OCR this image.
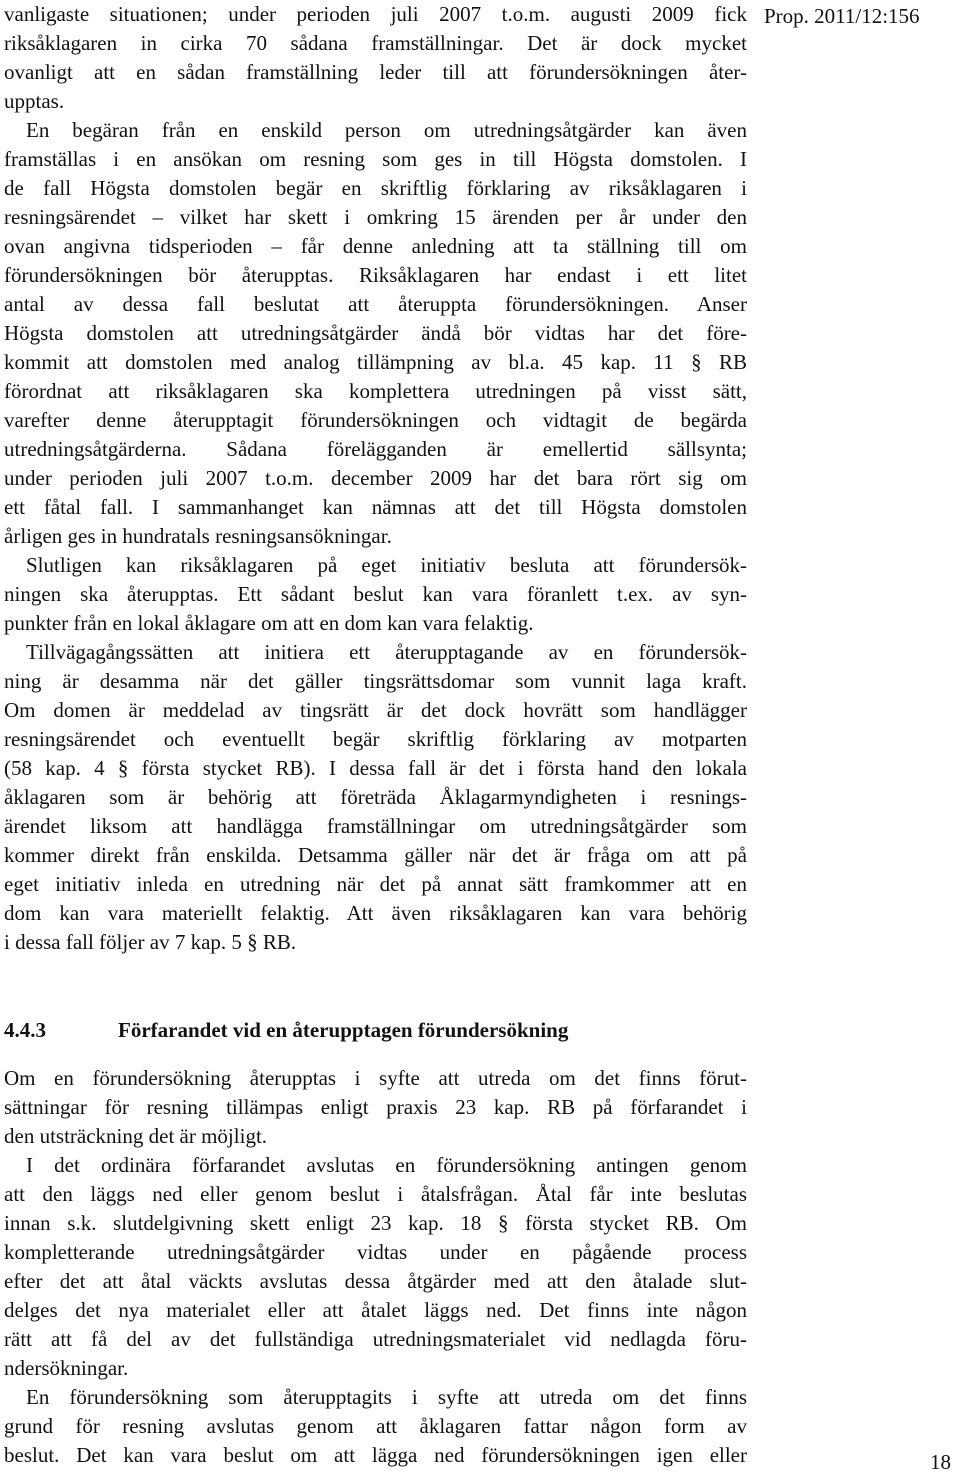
Prop. 2011/12:156
vanligaste situationen; under perioden juli 2007 t.o.m. augusti 2009 fick
riksåklagaren in cirka 70 sådana framställningar. Det är dock mycket
ovanligt att en sådan framställning leder till att förundersökningen åter-
upptas.
En begäran från en enskild person om utredningsåtgärder kan även
framställas i en ansökan om resning som ges in till Högsta domstolen. I
de fall Högsta domstolen begär en skriftlig förklaring av riksåklagaren i
resningsärendet – vilket har skett i omkring 15 ärenden per år under den
ovan angivna tidsperioden – får denne anledning att ta ställning till om
förundersökningen bör återupptas. Riksåklagaren har endast i ett litet
antal av dessa fall beslutat att återuppta förundersökningen. Anser
Högsta domstolen att utredningsåtgärder ändå bör vidtas har det före-
kommit att domstolen med analog tillämpning av bl.a. 45 kap. 11 § RB
förordnat att riksåklagaren ska komplettera utredningen på visst sätt,
varefter denne återupptagit förundersökningen och vidtagit de begärda
utredningsåtgärderna. Sådana förelägganden är emellertid sällsynta;
under perioden juli 2007 t.o.m. december 2009 har det bara rört sig om
ett fåtal fall. I sammanhanget kan nämnas att det till Högsta domstolen
årligen ges in hundratals resningsansökningar.
Slutligen kan riksåklagaren på eget initiativ besluta att förundersök-
ningen ska återupptas. Ett sådant beslut kan vara föranlett t.ex. av syn-
punkter från en lokal åklagare om att en dom kan vara felaktig.
Tillvägagångssätten att initiera ett återupptagande av en förundersök-
ning är desamma när det gäller tingsrättsdomar som vunnit laga kraft.
Om domen är meddelad av tingsrätt är det dock hovrätt som handlägger
resningsärendet och eventuellt begär skriftlig förklaring av motparten
(58 kap. 4 § första stycket RB). I dessa fall är det i första hand den lokala
åklagaren som är behörig att företräda Åklagarmyndigheten i resnings-
ärendet liksom att handlägga framställningar om utredningsåtgärder som
kommer direkt från enskilda. Detsamma gäller när det är fråga om att på
eget initiativ inleda en utredning när det på annat sätt framkommer att en
dom kan vara materiellt felaktig. Att även riksåklagaren kan vara behörig
i dessa fall följer av 7 kap. 5 § RB.
4.4.3	Förfarandet vid en återupptagen förundersökning
Om en förundersökning återupptas i syfte att utreda om det finns förut-
sättningar för resning tillämpas enligt praxis 23 kap. RB på förfarandet i
den utsträckning det är möjligt.
I det ordinära förfarandet avslutas en förundersökning antingen genom
att den läggs ned eller genom beslut i åtalsfrågan. Åtal får inte beslutas
innan s.k. slutdelgivning skett enligt 23 kap. 18 § första stycket RB. Om
kompletterande utredningsåtgärder vidtas under en pågående process
efter det att åtal väckts avslutas dessa åtgärder med att den åtalade slut-
delges det nya materialet eller att åtalet läggs ned. Det finns inte någon
rätt att få del av det fullständiga utredningsmaterialet vid nedlagda föru-
ndersökningar.
En förundersökning som återupptagits i syfte att utreda om det finns
grund för resning avslutas genom att åklagaren fattar någon form av
beslut. Det kan vara beslut om att lägga ned förundersökningen igen eller	18
